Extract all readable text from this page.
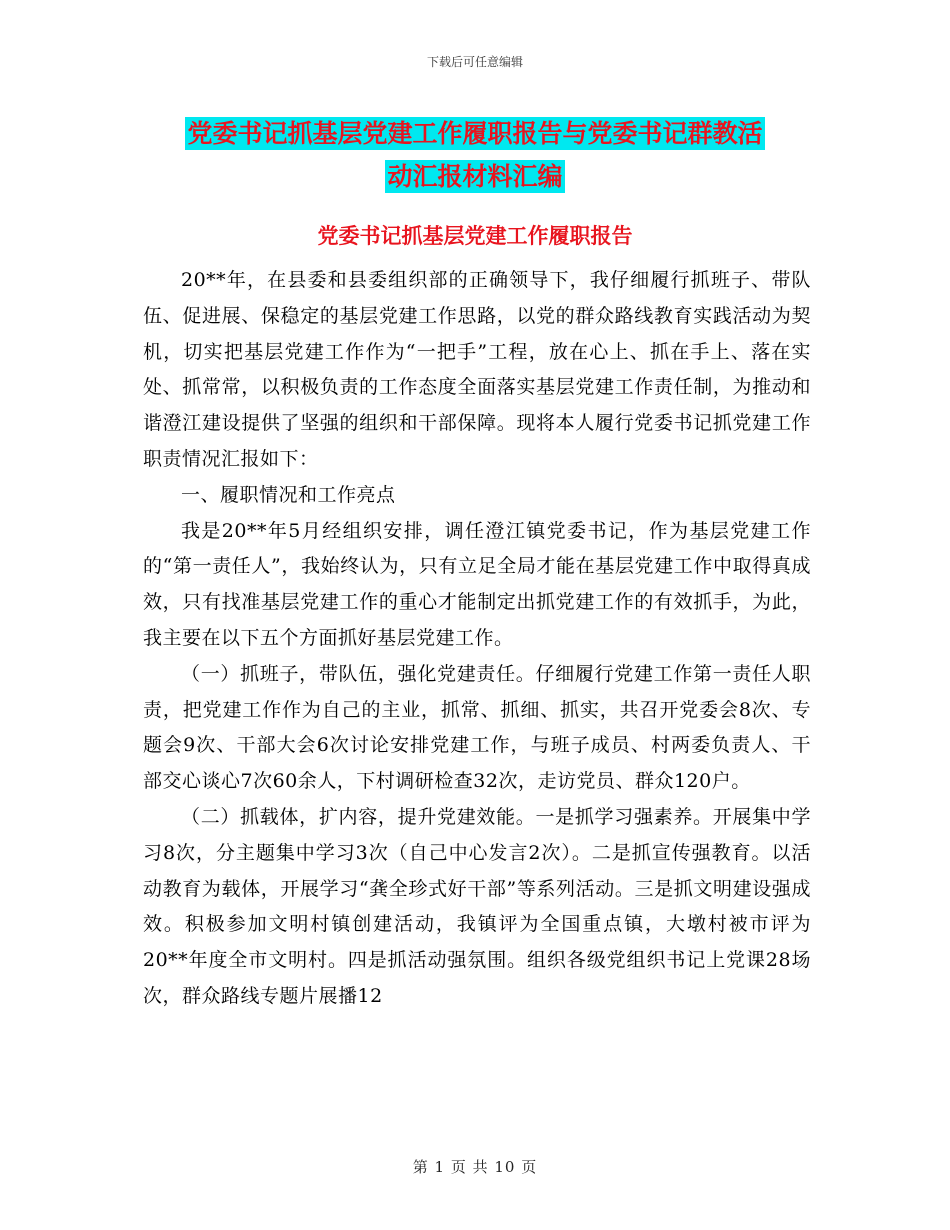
下载后可任意编辑
党委书记抓基层党建工作履职报告与党委书记群教活
动汇报材料汇编
党委书记抓基层党建工作履职报告

20**年，在县委和县委组织部的正确领导下，我仔细履行抓班子、带队伍、促进展、保稳定的基层党建工作思路，以党的群众路线教育实践活动为契机，切实把基层党建工作作为“一把手”工程，放在心上、抓在手上、落在实处、抓常常，以积极负责的工作态度全面落实基层党建工作责任制，为推动和谐澄江建设提供了坚强的组织和干部保障。现将本人履行党委书记抓党建工作职责情况汇报如下：

一、履职情况和工作亮点

我是20**年5月经组织安排，调任澄江镇党委书记，作为基层党建工作的“第一责任人”，我始终认为，只有立足全局才能在基层党建工作中取得真成效，只有找准基层党建工作的重心才能制定出抓党建工作的有效抓手，为此，我主要在以下五个方面抓好基层党建工作。

（一）抓班子，带队伍，强化党建责任。仔细履行党建工作第一责任人职责，把党建工作作为自己的主业，抓常、抓细、抓实，共召开党委会8次、专题会9次、干部大会6次讨论安排党建工作，与班子成员、村两委负责人、干部交心谈心7次60余人，下村调研检查32次，走访党员、群众120户。

（二）抓载体，扩内容，提升党建效能。一是抓学习强素养。开展集中学习8次，分主题集中学习3次（自己中心发言2次）。二是抓宣传强教育。以活动教育为载体，开展学习“龚全珍式好干部”等系列活动。三是抓文明建设强成效。积极参加文明村镇创建活动，我镇评为全国重点镇，大墩村被市评为20**年度全市文明村。四是抓活动强氛围。组织各级党组织书记上党课28场次，群众路线专题片展播12

第 1 页 共 10 页
